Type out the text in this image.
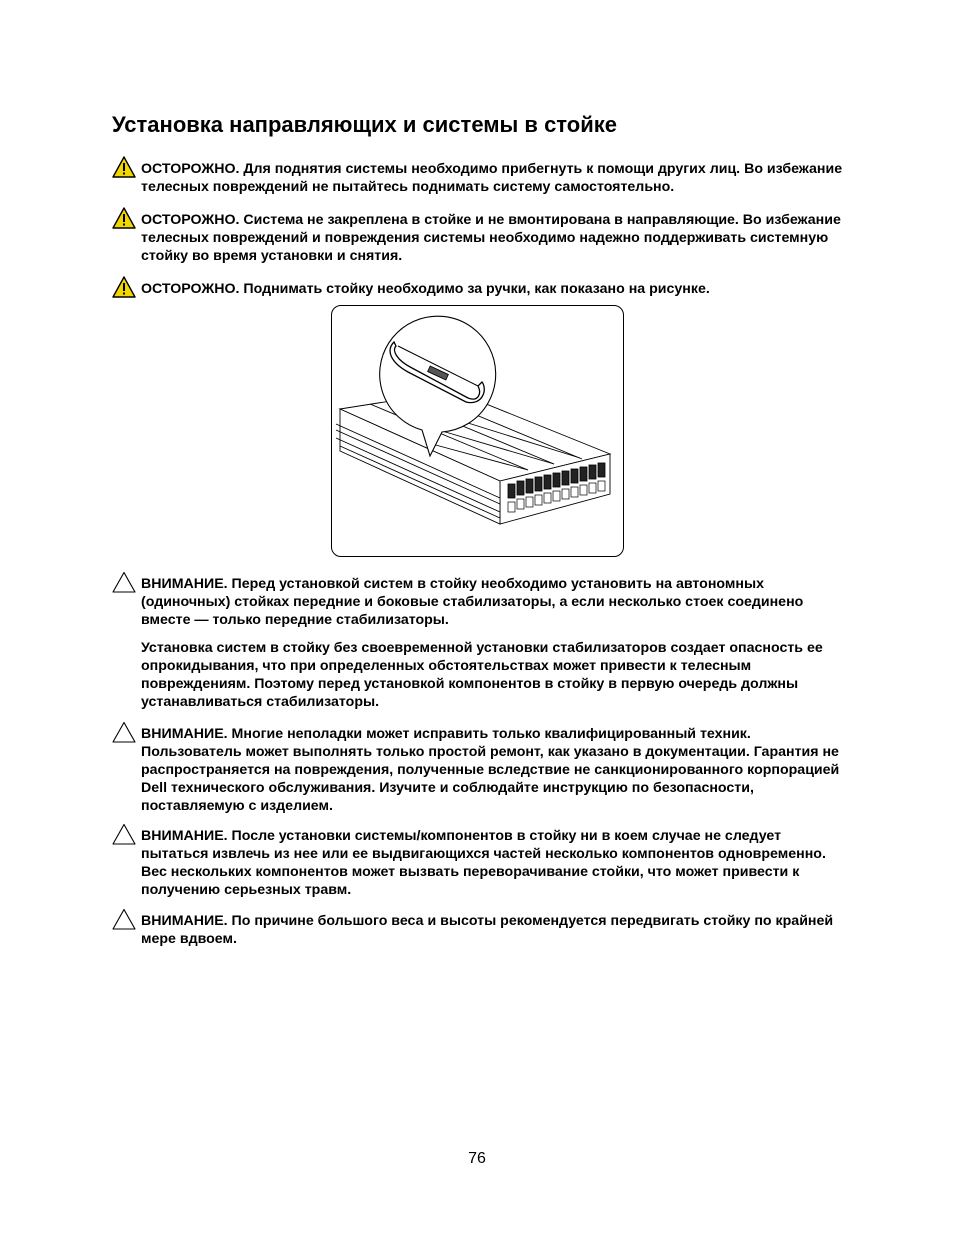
Установка направляющих и системы в стойке

ОСТОРОЖНО. Для поднятия системы необходимо прибегнуть к помощи других лиц. Во избежание телесных повреждений не пытайтесь поднимать систему самостоятельно.

ОСТОРОЖНО. Система не закреплена в стойке и не вмонтирована в направляющие. Во избежание телесных повреждений и повреждения системы необходимо надежно поддерживать системную стойку во время установки и снятия.

ОСТОРОЖНО. Поднимать стойку необходимо за ручки, как показано на рисунке.

ВНИМАНИЕ. Перед установкой систем в стойку необходимо установить на автономных (одиночных) стойках передние и боковые стабилизаторы, а если несколько стоек соединено вместе — только передние стабилизаторы.

Установка систем в стойку без своевременной установки стабилизаторов создает опасность ее опрокидывания, что при определенных обстоятельствах может привести к телесным повреждениям. Поэтому перед установкой компонентов в стойку в первую очередь должны устанавливаться стабилизаторы.

ВНИМАНИЕ. Многие неполадки может исправить только квалифицированный техник. Пользователь может выполнять только простой ремонт, как указано в документации. Гарантия не распространяется на повреждения, полученные вследствие не санкционированного корпорацией Dell технического обслуживания. Изучите и соблюдайте инструкцию по безопасности, поставляемую с изделием.

ВНИМАНИЕ. После установки системы/компонентов в стойку ни в коем случае не следует пытаться извлечь из нее или ее выдвигающихся частей несколько компонентов одновременно. Вес нескольких компонентов может вызвать переворачивание стойки, что может привести к получению серьезных травм.

ВНИМАНИЕ. По причине большого веса и высоты рекомендуется передвигать стойку по крайней мере вдвоем.

76
